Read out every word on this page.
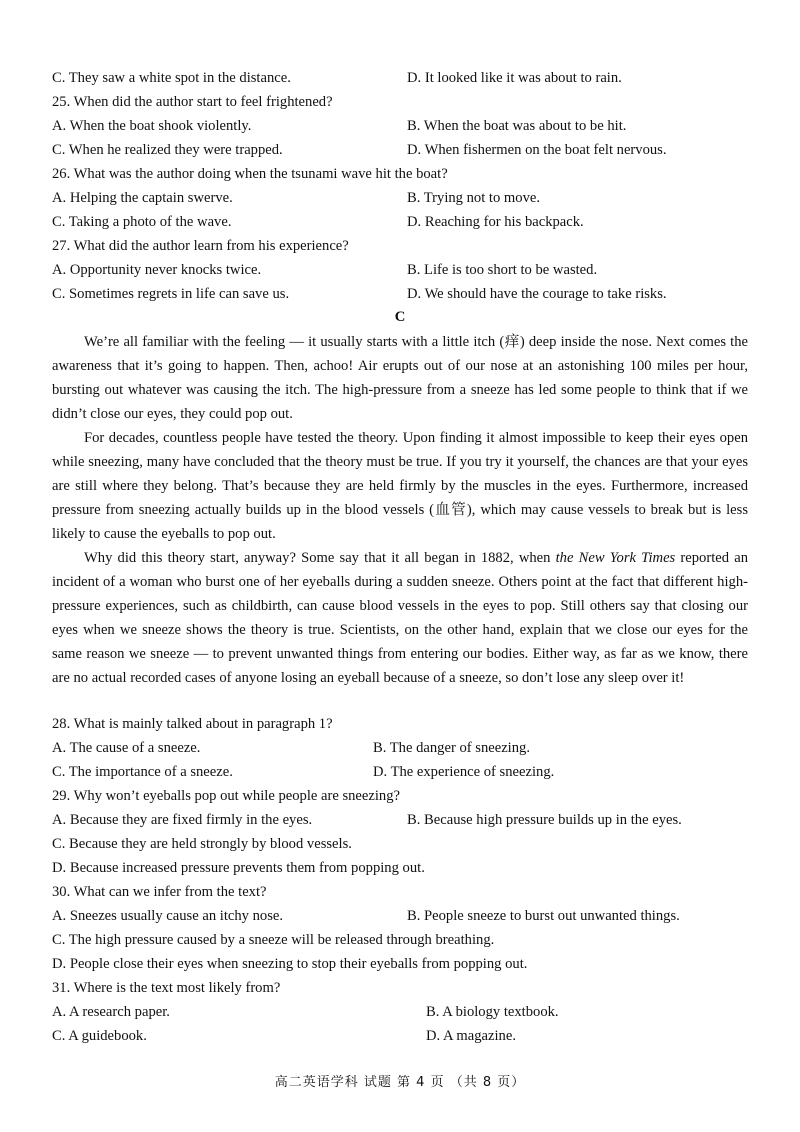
C. They saw a white spot in the distance.	D. It looked like it was about to rain.
25. When did the author start to feel frightened?
A. When the boat shook violently.	B. When the boat was about to be hit.
C. When he realized they were trapped.	D. When fishermen on the boat felt nervous.
26. What was the author doing when the tsunami wave hit the boat?
A. Helping the captain swerve.	B. Trying not to move.
C. Taking a photo of the wave.	D. Reaching for his backpack.
27. What did the author learn from his experience?
A. Opportunity never knocks twice.	B. Life is too short to be wasted.
C. Sometimes regrets in life can save us.	D. We should have the courage to take risks.
C
We’re all familiar with the feeling — it usually starts with a little itch (痒) deep inside the nose. Next comes the awareness that it’s going to happen. Then, achoo! Air erupts out of our nose at an astonishing 100 miles per hour, bursting out whatever was causing the itch. The high-pressure from a sneeze has led some people to think that if we didn’t close our eyes, they could pop out.
For decades, countless people have tested the theory. Upon finding it almost impossible to keep their eyes open while sneezing, many have concluded that the theory must be true. If you try it yourself, the chances are that your eyes are still where they belong. That’s because they are held firmly by the muscles in the eyes. Furthermore, increased pressure from sneezing actually builds up in the blood vessels (血管), which may cause vessels to break but is less likely to cause the eyeballs to pop out.
Why did this theory start, anyway? Some say that it all began in 1882, when the New York Times reported an incident of a woman who burst one of her eyeballs during a sudden sneeze. Others point at the fact that different high-pressure experiences, such as childbirth, can cause blood vessels in the eyes to pop. Still others say that closing our eyes when we sneeze shows the theory is true. Scientists, on the other hand, explain that we close our eyes for the same reason we sneeze — to prevent unwanted things from entering our bodies. Either way, as far as we know, there are no actual recorded cases of anyone losing an eyeball because of a sneeze, so don’t lose any sleep over it!
28. What is mainly talked about in paragraph 1?
A. The cause of a sneeze.	B. The danger of sneezing.
C. The importance of a sneeze.	D. The experience of sneezing.
29. Why won’t eyeballs pop out while people are sneezing?
A. Because they are fixed firmly in the eyes.	B. Because high pressure builds up in the eyes.
C. Because they are held strongly by blood vessels.
D. Because increased pressure prevents them from popping out.
30. What can we infer from the text?
A. Sneezes usually cause an itchy nose.	B. People sneeze to burst out unwanted things.
C. The high pressure caused by a sneeze will be released through breathing.
D. People close their eyes when sneezing to stop their eyeballs from popping out.
31. Where is the text most likely from?
A. A research paper.	B. A biology textbook.
C. A guidebook.	D. A magazine.
高二英语学科 试题 第 4 页 （共 8 页）
